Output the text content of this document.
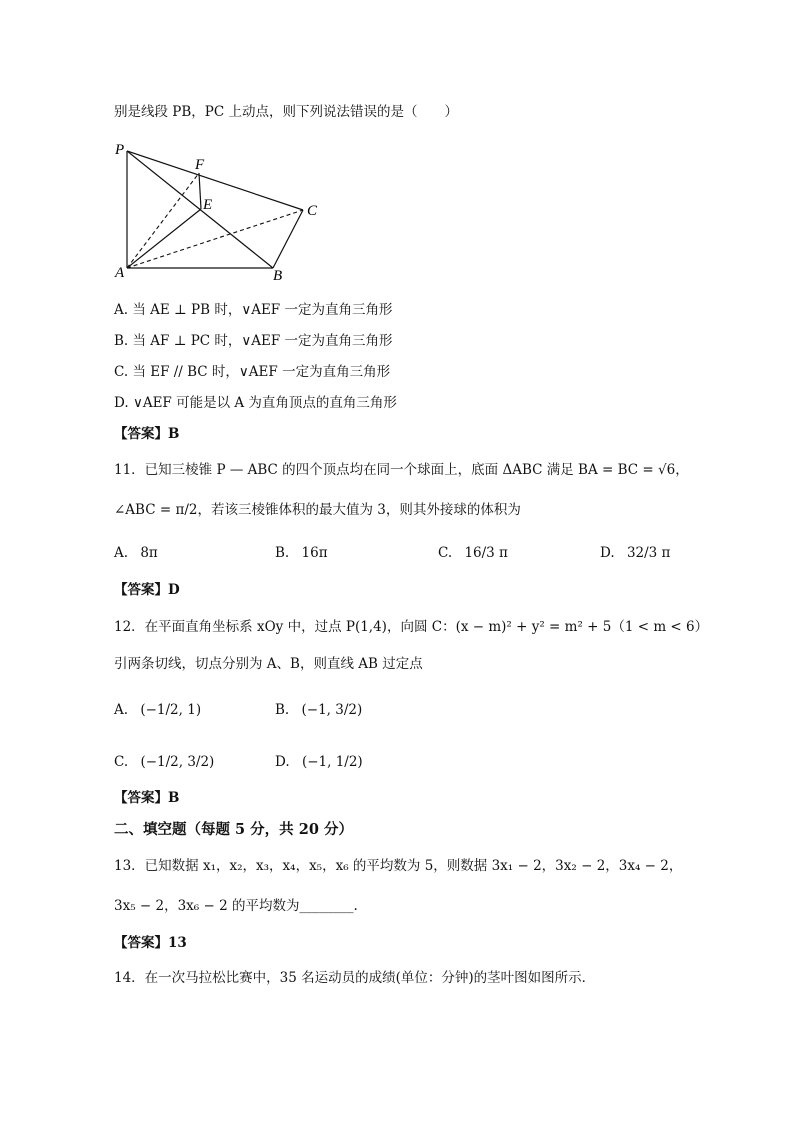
别是线段 PB，PC 上动点，则下列说法错误的是（　　）
P
F
E	C
A	B
A. 当 AE ⊥ PB 时，∨AEF 一定为直角三角形
B. 当 AF ⊥ PC 时，∨AEF 一定为直角三角形
C. 当 EF // BC 时，∨AEF 一定为直角三角形
D. ∨AEF 可能是以 A 为直角顶点的直角三角形
【答案】B
11．已知三棱锥 P — ABC 的四个顶点均在同一个球面上，底面 ΔABC 满足 BA = BC = √6，
∠ABC = π/2，若该三棱锥体积的最大值为 3，则其外接球的体积为
A. 8π	B. 16π	C. 16/3 π	D. 32/3 π
【答案】D
12．在平面直角坐标系 xOy 中，过点 P(1,4)，向圆 C：(x − m)² + y² = m² + 5（1 < m < 6）
引两条切线，切点分别为 A、B，则直线 AB 过定点
A. (−1/2, 1)	B. (−1, 3/2)
C. (−1/2, 3/2)	D. (−1, 1/2)
【答案】B
二、填空题（每题 5 分，共 20 分）
13．已知数据 x₁，x₂，x₃，x₄，x₅，x₆ 的平均数为 5，则数据 3x₁ − 2，3x₂ − 2，3x₄ − 2，
3x₅ − 2，3x₆ − 2 的平均数为________.
【答案】13
14．在一次马拉松比赛中，35 名运动员的成绩(单位：分钟)的茎叶图如图所示．
